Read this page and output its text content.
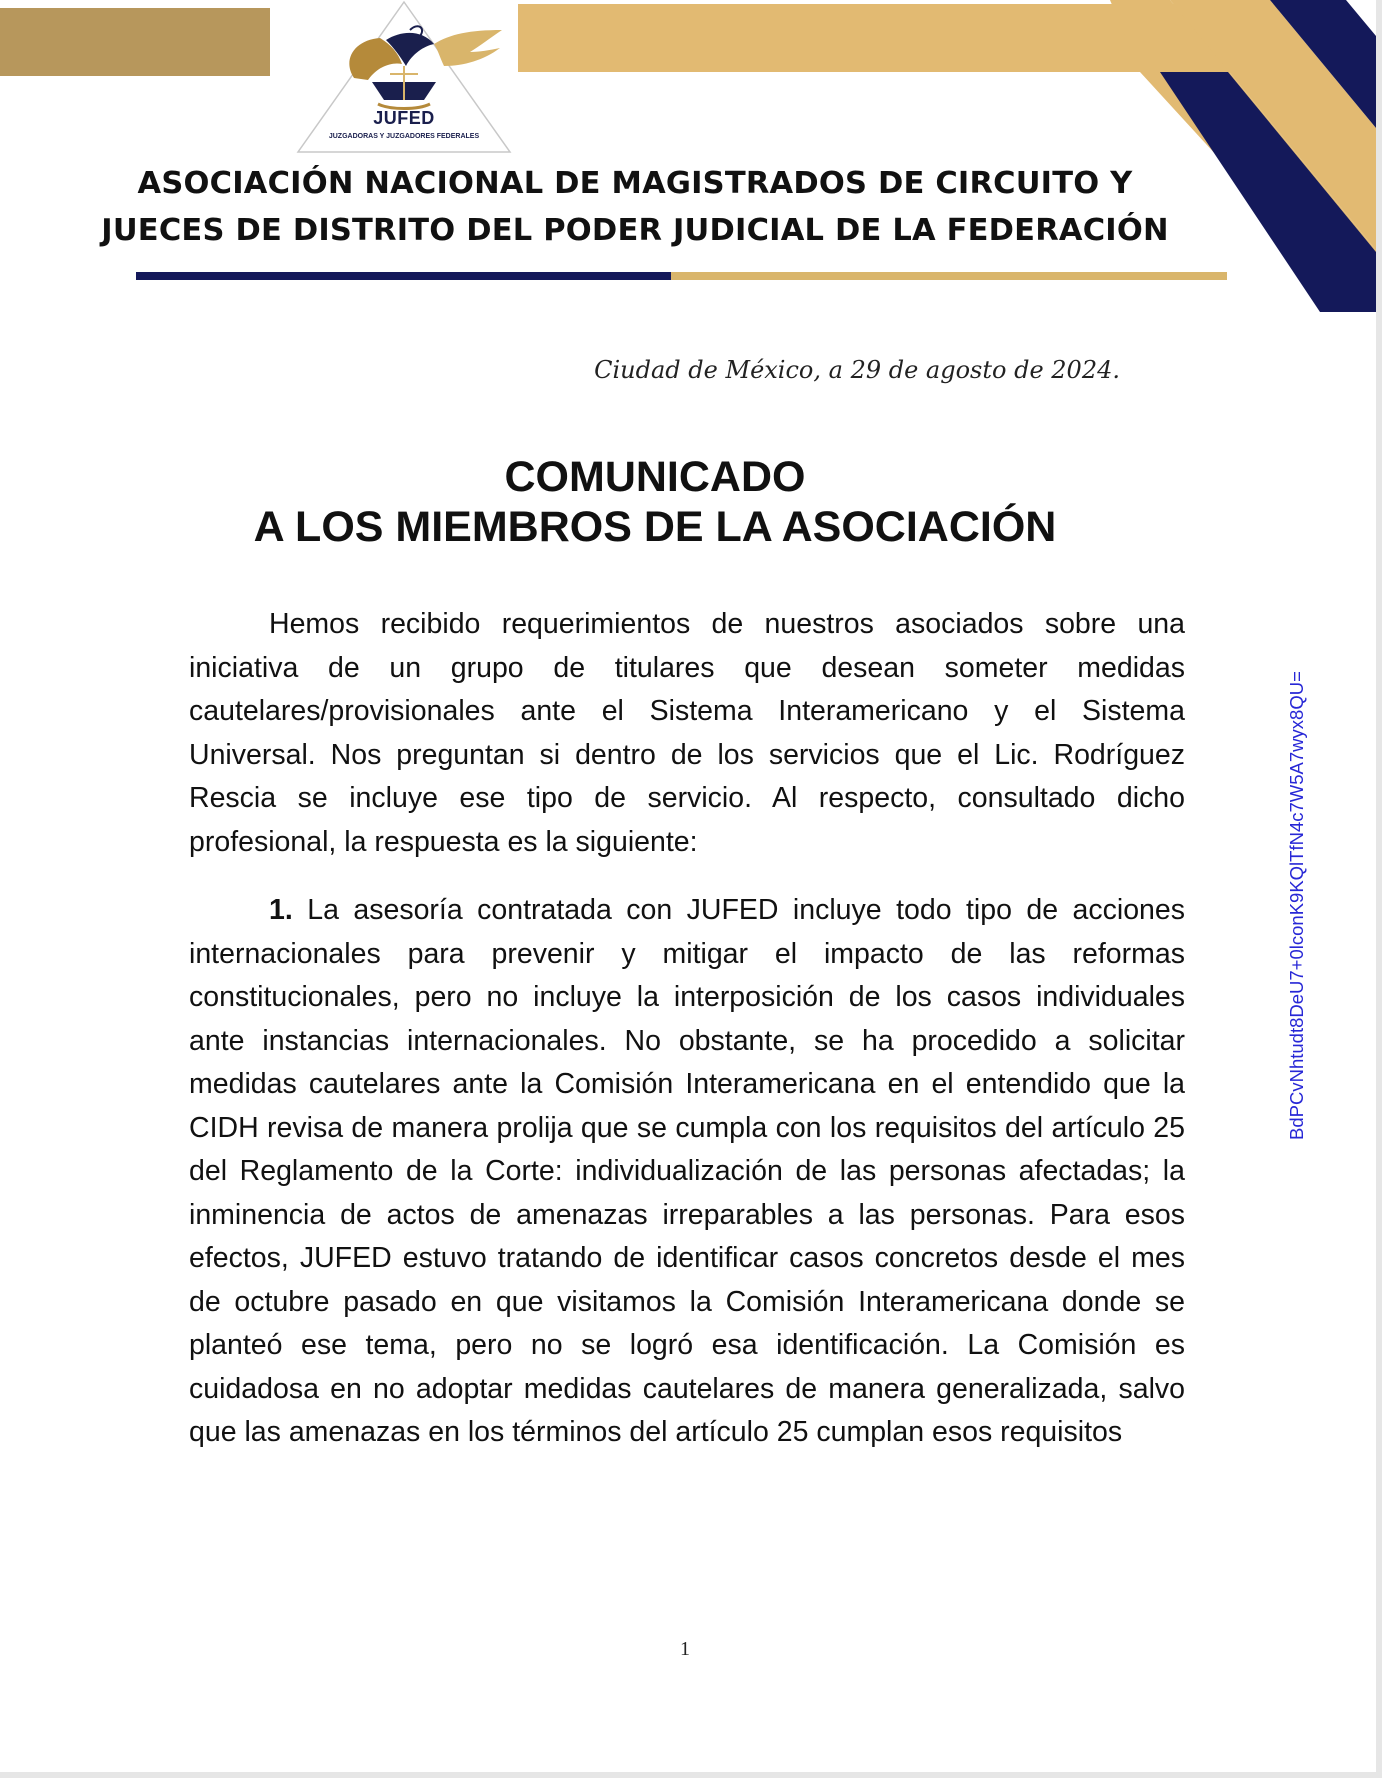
JUFED
JUZGADORAS Y JUZGADORES FEDERALES
ASOCIACIÓN NACIONAL DE MAGISTRADOS DE CIRCUITO Y
JUECES DE DISTRITO DEL PODER JUDICIAL DE LA FEDERACIÓN
Ciudad de México, a 29 de agosto de 2024.
COMUNICADO
A LOS MIEMBROS DE LA ASOCIACIÓN

Hemos recibido requerimientos de nuestros asociados sobre una iniciativa de un grupo de titulares que desean someter medidas cautelares/provisionales ante el Sistema Interamericano y el Sistema Universal. Nos preguntan si dentro de los servicios que el Lic. Rodríguez Rescia se incluye ese tipo de servicio. Al respecto, consultado dicho profesional, la respuesta es la siguiente:

1. La asesoría contratada con JUFED incluye todo tipo de acciones internacionales para prevenir y mitigar el impacto de las reformas constitucionales, pero no incluye la interposición de los casos individuales ante instancias internacionales. No obstante, se ha procedido a solicitar medidas cautelares ante la Comisión Interamericana en el entendido que la CIDH revisa de manera prolija que se cumpla con los requisitos del artículo 25 del Reglamento de la Corte: individualización de las personas afectadas; la inminencia de actos de amenazas irreparables a las personas. Para esos efectos, JUFED estuvo tratando de identificar casos concretos desde el mes de octubre pasado en que visitamos la Comisión Interamericana donde se planteó ese tema, pero no se logró esa identificación. La Comisión es cuidadosa en no adoptar medidas cautelares de manera generalizada, salvo que las amenazas en los términos del artículo 25 cumplan esos requisitos

BdPCvNhtudt8DeU7+0lconK9KQlTfN4c7W5A7wyx8QU=
1
